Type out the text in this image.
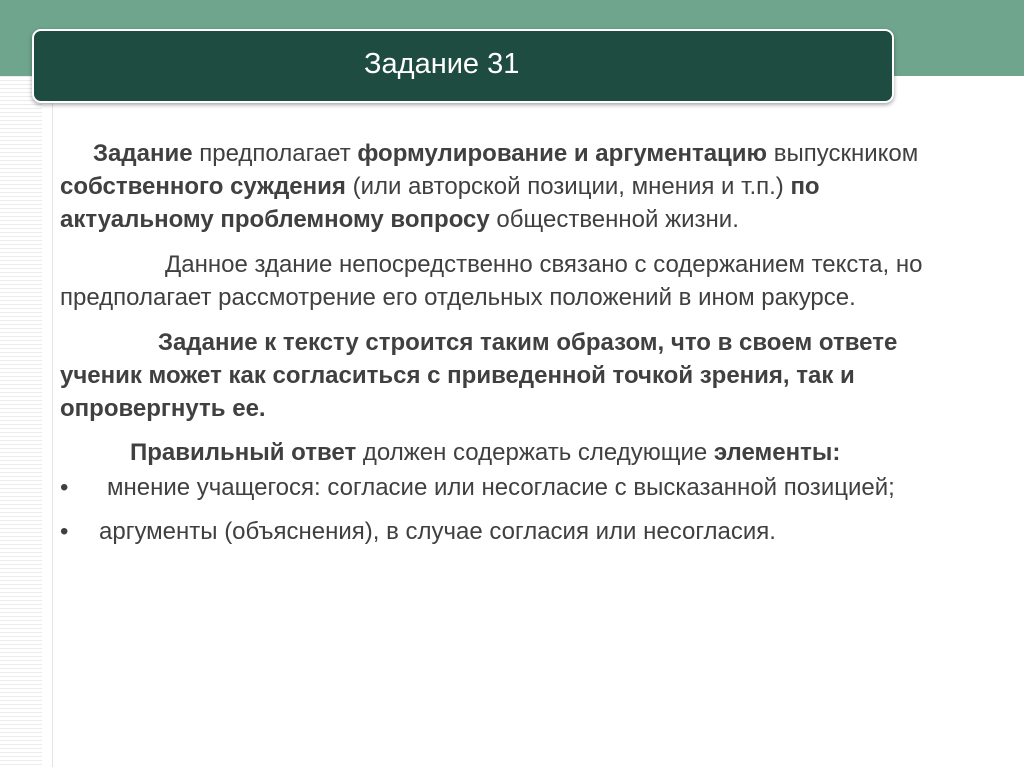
Задание 31

Задание предполагает формулирование и аргументацию выпускником собственного суждения (или авторской позиции, мнения и т.п.) по актуальному проблемному вопросу общественной жизни.

Данное здание непосредственно связано с содержанием текста, но предполагает рассмотрение его отдельных положений в ином ракурсе.

Задание к тексту строится таким образом, что в своем ответе ученик может как согласиться с приведенной точкой зрения, так и опровергнуть ее.

Правильный ответ должен содержать следующие элементы:

•	мнение учащегося: согласие или несогласие с высказанной позицией;
• аргументы (объяснения), в случае согласия или несогласия.
